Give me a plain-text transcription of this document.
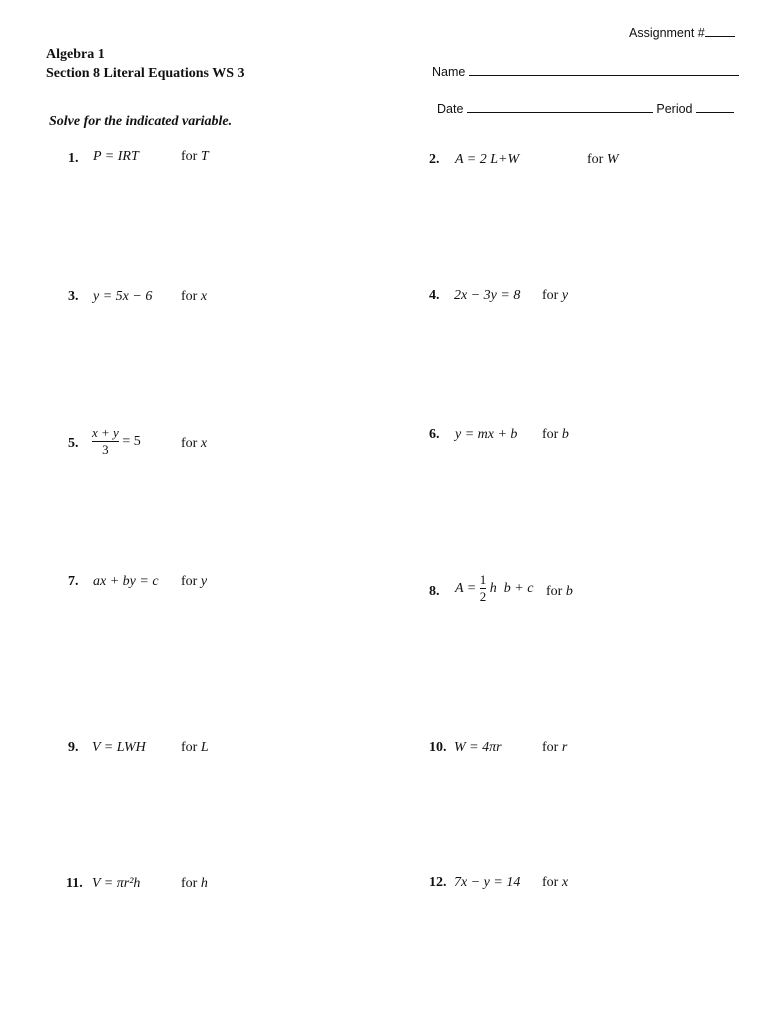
Assignment #
Name
Date	Period
Algebra 1
Section 8 Literal Equations WS 3
Solve for the indicated variable.
1. P = IRT	for T	2. A = 2 L+W	for W
3. y = 5x − 6 for x	4. 2x − 3y = 8 for y
5. $\frac{x + y}{3} = 5$	for x
6. y = mx + b for b
7. ax + by = c for y
8. $A = \frac{1}{2}$ h  b + c for b
9. V = LWH	for L	10. W = 4πr	for r
11. V = πr²h	for h	12. 7x − y = 14 for x
